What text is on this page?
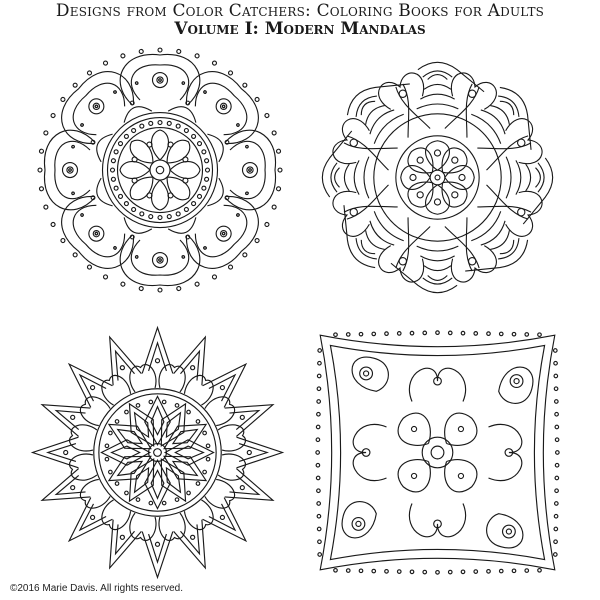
Designs from Color Catchers: Coloring Books for Adults
Volume I: Modern Mandalas
©2016 Marie Davis. All rights reserved.
